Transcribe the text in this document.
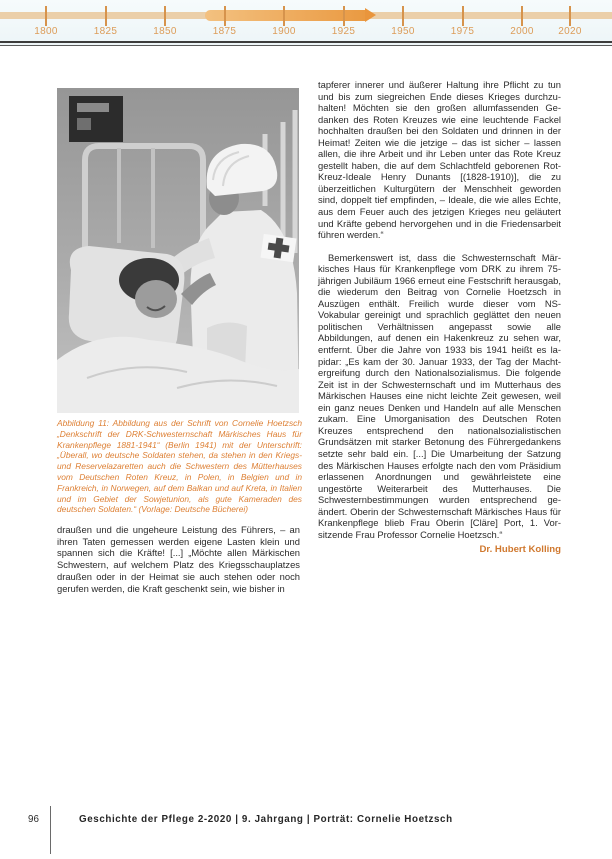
1800	1825	1850	1875	1900	1925	1950	1975	2000 2020
Abbildung 11: Abbildung aus der Schrift von Cornelie Hoetzsch „Denkschrift der DRK-Schwesternschaft Märkisches Haus für Krankenpflege 1881-1941“ (Berlin 1941) mit der Unterschrift: „Überall, wo deutsche Soldaten stehen, da stehen in den Kriegs- und Reservelazaretten auch die Schwestern des Mütterhauses vom Deutschen Roten Kreuz, in Polen, in Belgien und in Frankreich, in Norwegen, auf dem Balkan und auf Kreta, in Italien und im Gebiet der Sowjetunion, als gute Kameraden des deutschen Soldaten.“ (Vorlage: Deutsche Bücherei)
draußen und die ungeheure Leistung des Führers, – an ihren Taten gemessen werden eigene Lasten klein und spannen sich die Kräfte! [...] „Möchte allen Märkischen Schwestern, auf welchem Platz des Kriegsschauplatzes draußen oder in der Heimat sie auch stehen oder noch gerufen werden, die Kraft geschenkt sein, wie bisher in
tapferer innerer und äußerer Haltung ihre Pflicht zu tun und bis zum siegreichen Ende dieses Krieges durchzuhalten! Möchten sie den großen allumfassenden Gedanken des Roten Kreuzes wie eine leuchtende Fackel hochhalten draußen bei den Soldaten und drinnen in der Heimat! Zeiten wie die jetzige – das ist sicher – lassen allen, die ihre Arbeit und ihr Leben unter das Rote Kreuz gestellt haben, die auf dem Schlachtfeld geborenen Rot-Kreuz-Ideale Henry Dunants [(1828-1910)], die zu überzeitlichen Kulturgütern der Menschheit geworden sind, doppelt tief empfinden, – Ideale, die wie alles Echte, aus dem Feuer auch des jetzigen Krieges neu geläutert und Kräfte gebend hervorgehen und in die Friedensarbeit führen werden.“
Bemerkenswert ist, dass die Schwesternschaft Märkisches Haus für Krankenpflege vom DRK zu ihrem 75-jährigen Jubiläum 1966 erneut eine Festschrift herausgab, die wiederum den Beitrag von Cornelie Hoetzsch in Auszügen enthält. Freilich wurde dieser vom NS-Vokabular gereinigt und sprachlich geglättet den neuen politischen Verhältnissen angepasst sowie alle Abbildungen, auf denen ein Hakenkreuz zu sehen war, entfernt. Über die Jahre von 1933 bis 1941 heißt es lapidar: „Es kam der 30. Januar 1933, der Tag der Machtergreifung durch den Nationalsozialismus. Die folgende Zeit ist in der Schwesternschaft und im Mutterhaus des Märkischen Hauses eine nicht leichte Zeit gewesen, weil ein ganz neues Denken und Handeln auf alle Menschen zukam. Eine Umorganisation des Deutschen Roten Kreuzes entsprechend den nationalsozialistischen Grundsätzen mit starker Betonung des Führergedankens setzte sehr bald ein. [...] Die Umarbeitung der Satzung des Märkischen Hauses erfolgte nach den vom Präsidium erlassenen Anordnungen und gewährleistete eine ungestörte Weiterarbeit des Mutterhauses. Die Schwesternbestimmungen wurden entsprechend geändert. Oberin der Schwesternschaft Märkisches Haus für Krankenpflege blieb Frau Oberin [Cläre] Port, 1. Vorsitzende Frau Professor Cornelie Hoetzsch.“
Dr. Hubert Kolling
96	Geschichte der Pflege 2-2020 | 9. Jahrgang | Porträt: Cornelie Hoetzsch
